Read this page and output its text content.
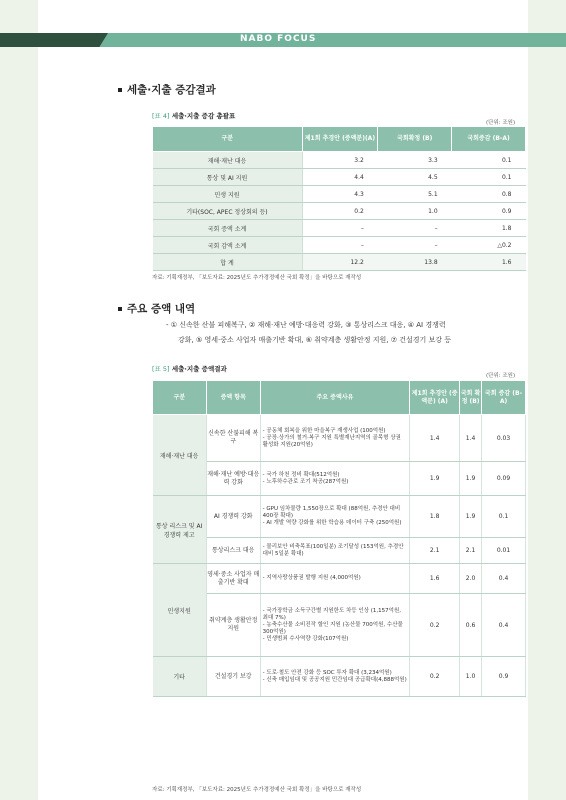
NABO FOCUS
세출·지출 증감결과
[표 4] 세출·지출 증감 총괄표
(단위: 조원)
구분	제1회 추경안 (증액분)(A)	국회확정 (B)	국회증감 (B-A)
재해·재난 대응	3.2	3.3	0.1
통상 및 AI 지원	4.4	4.5	0.1
민생 지원	4.3	5.1	0.8
기타(SOC, APEC 정상회의 등)	0.2	1.0	0.9
국회 증액 소계	–	–	1.8
국회 감액 소계	–	–	△0.2
합 계	12.2	13.8	1.6
자료: 기획재정부, 「보도자료: 2025년도 추가경정예산 국회 확정」을 바탕으로 재작성
주요 증액 내역
- ① 신속한 산불 피해복구, ② 재해·재난 예방·대응력 강화, ③ 통상리스크 대응, ④ AI 경쟁력
강화, ⑤ 영세·중소 사업자 매출기반 확대, ⑥ 취약계층 생활안정 지원, ⑦ 건설경기 보강 등
[표 5] 세출·지출 증액결과
(단위: 조원)
구분	증액 항목	주요 증액사유	제1회 추경안 (증액분) (A)	국회 확정 (B)	국회 증감 (B-A)
재해·재난 대응	신속한 산불피해 복구	- 공동체 회복을 위한 마을복구 재생사업 (100억원)
- 공장·상가의 철거·복구 지원 특별재난지역의 골목형 상권 활성화 지원(20억원)	1.4	1.4	0.03
	재해·재난 예방·대응력 강화	- 국가 하천 정비 확대(512억원)
- 노후하수관로 조기 착공(287억원)	1.9	1.9	0.09
통상 리스크 및 AI 경쟁력 제고	AI 경쟁력 강화	- GPU 임차물량 1,550장으로 확대 (88억원, 추경안 대비 400장 확대)
- AI 개발 역량 강화를 위한 학습용 데이터 구축 (250억원)	1.8	1.9	0.1
	통상리스크 대응	- 물리보안 비축목표(100일분) 조기달성 (153억원, 추경안 대비 5일분 확대)	2.1	2.1	0.01
민생지원	영세·중소 사업자 매출기반 확대	- 지역사랑상품권 발행 지원 (4,000억원)	1.6	2.0	0.4
	취약계층 생활안정 지원	- 국가장학금 소득구간별 지원한도 차등 인상 (1,157억원, 최대 7%)
- 농축수산물 소비진작 할인 지원 (농산물 700억원, 수산물 300억원)
- 민생범죄 수사역량 강화(107억원)	0.2	0.6	0.4
기타	건설경기 보강	- 도로·철도 안전 강화 등 SOC 투자 확대 (3,234억원)
- 신축 매입임대 및 공공지원 민간임대 공급확대(4,888억원)	0.2	1.0	0.9
자료: 기획재정부, 「보도자료: 2025년도 추가경정예산 국회 확정」을 바탕으로 재작성
